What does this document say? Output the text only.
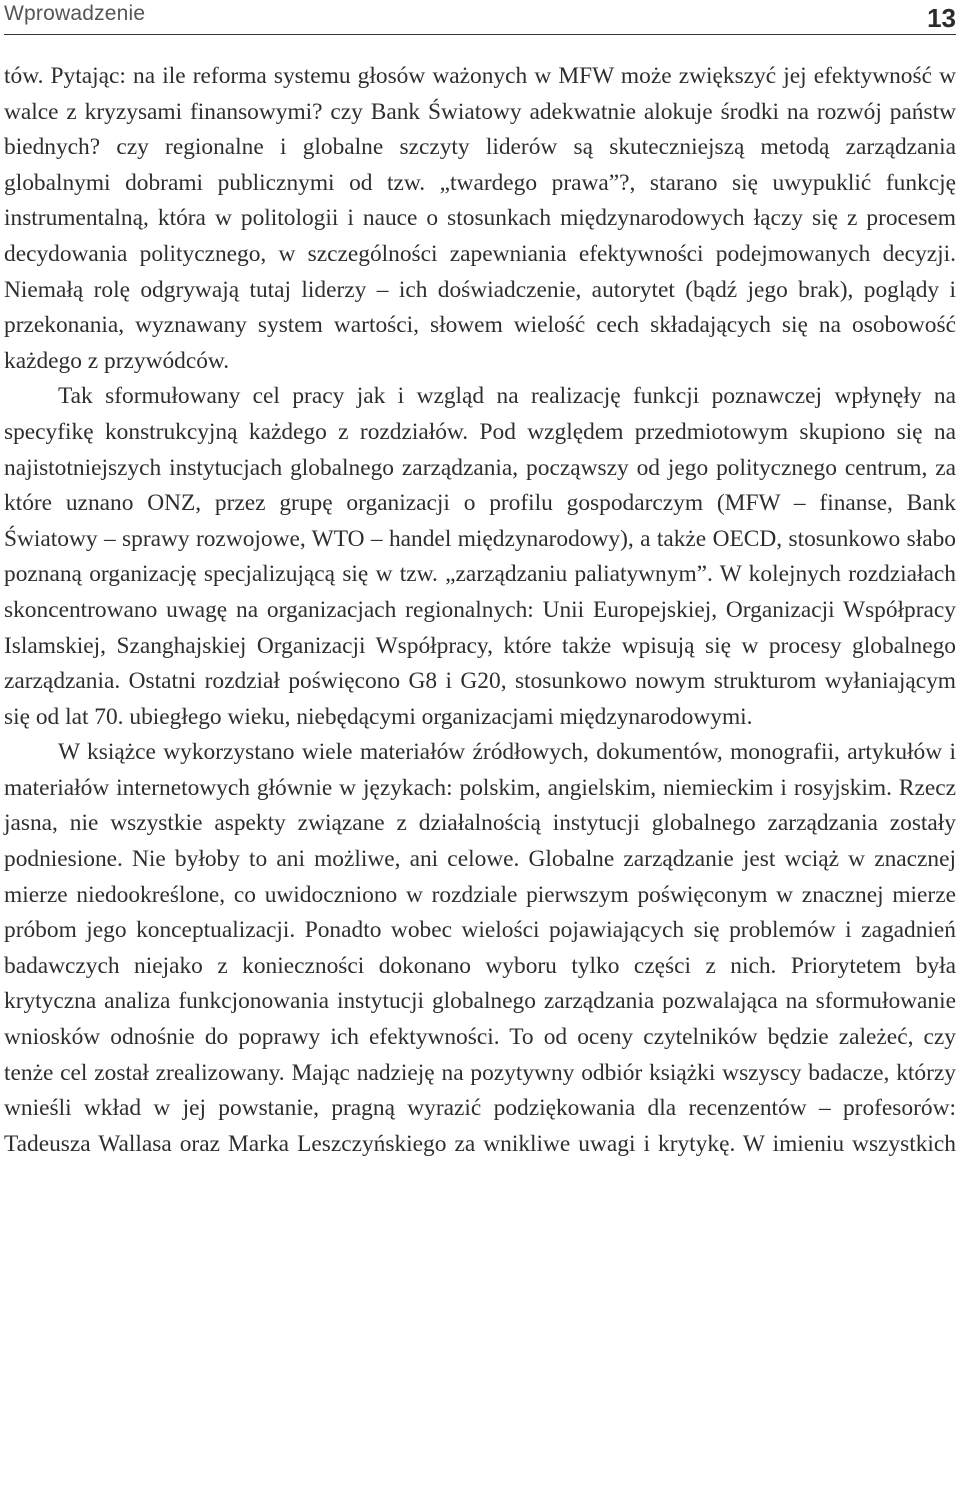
Wprowadzenie	13

tów. Pytając: na ile reforma systemu głosów ważonych w MFW może zwiększyć jej efektywność w walce z kryzysami finansowymi? czy Bank Światowy adekwatnie alokuje środki na rozwój państw biednych? czy regionalne i globalne szczyty liderów są skuteczniejszą metodą zarządzania globalnymi dobrami publicznymi od tzw. „twardego prawa”?, starano się uwypuklić funkcję instrumentalną, która w politologii i nauce o stosunkach międzynarodowych łączy się z procesem decydowania politycznego, w szczególności zapewniania efektywności podejmowanych decyzji. Niemałą rolę odgrywają tutaj liderzy – ich doświadczenie, autorytet (bądź jego brak), poglądy i przekonania, wyznawany system wartości, słowem wielość cech składających się na osobowość każdego z przywódców.

Tak sformułowany cel pracy jak i wzgląd na realizację funkcji poznawczej wpłynęły na specyfikę konstrukcyjną każdego z rozdziałów. Pod względem przedmiotowym skupiono się na najistotniejszych instytucjach globalnego zarządzania, począwszy od jego politycznego centrum, za które uznano ONZ, przez grupę organizacji o profilu gospodarczym (MFW – finanse, Bank Światowy – sprawy rozwojowe, WTO – handel międzynarodowy), a także OECD, stosunkowo słabo poznaną organizację specjalizującą się w tzw. „zarządzaniu paliatywnym”. W kolejnych rozdziałach skoncentrowano uwagę na organizacjach regionalnych: Unii Europejskiej, Organizacji Współpracy Islamskiej, Szanghajskiej Organizacji Współpracy, które także wpisują się w procesy globalnego zarządzania. Ostatni rozdział poświęcono G8 i G20, stosunkowo nowym strukturom wyłaniającym się od lat 70. ubiegłego wieku, niebędącymi organizacjami międzynarodowymi.

W książce wykorzystano wiele materiałów źródłowych, dokumentów, monografii, artykułów i materiałów internetowych głównie w językach: polskim, angielskim, niemieckim i rosyjskim. Rzecz jasna, nie wszystkie aspekty związane z działalnością instytucji globalnego zarządzania zostały podniesione. Nie byłoby to ani możliwe, ani celowe. Globalne zarządzanie jest wciąż w znacznej mierze niedookreślone, co uwidoczniono w rozdziale pierwszym poświęconym w znacznej mierze próbom jego konceptualizacji. Ponadto wobec wielości pojawiających się problemów i zagadnień badawczych niejako z konieczności dokonano wyboru tylko części z nich. Priorytetem była krytyczna analiza funkcjonowania instytucji globalnego zarządzania pozwalająca na sformułowanie wniosków odnośnie do poprawy ich efektywności. To od oceny czytelników będzie zależeć, czy tenże cel został zrealizowany. Mając nadzieję na pozytywny odbiór książki wszyscy badacze, którzy wnieśli wkład w jej powstanie, pragną wyrazić podziękowania dla recenzentów – profesorów: Tadeusza Wallasa oraz Marka Leszczyńskiego za wnikliwe uwagi i krytykę. W imieniu wszystkich
